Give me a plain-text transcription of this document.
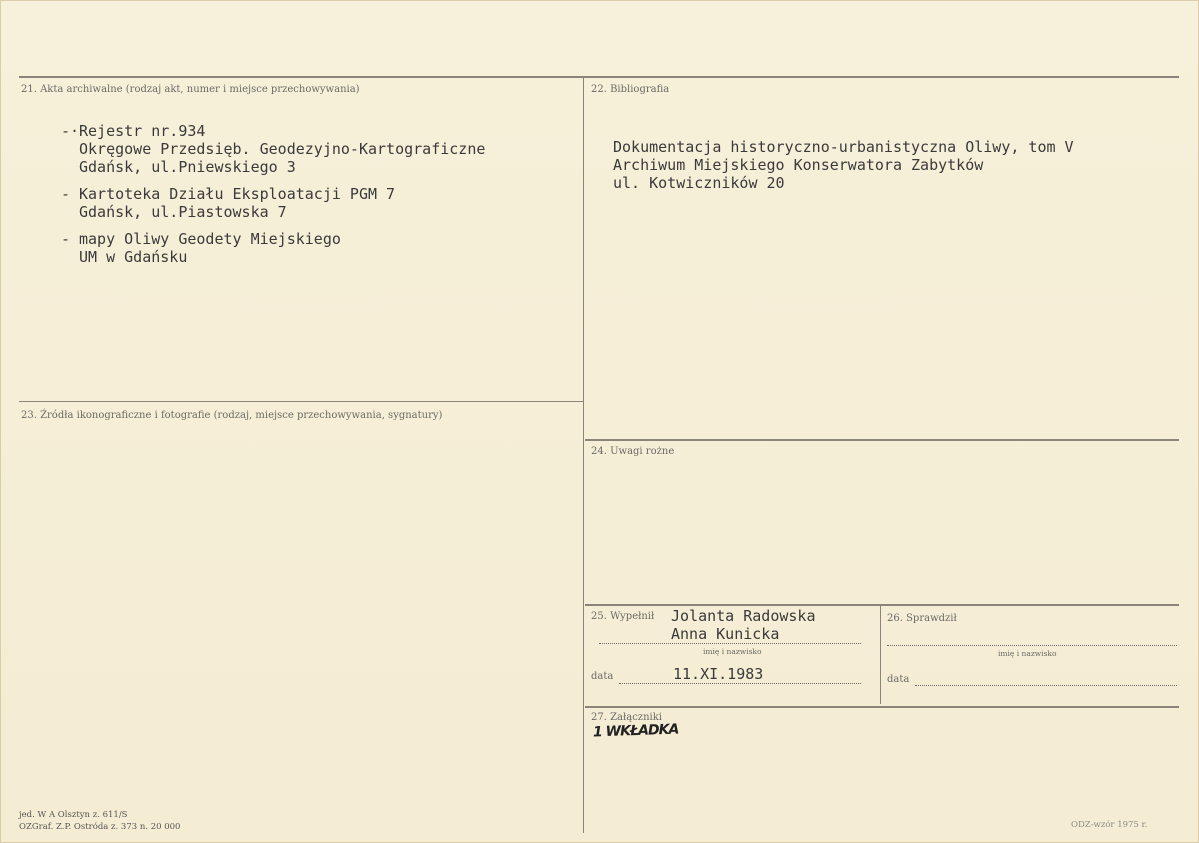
21. Akta archiwalne (rodzaj akt, numer i miejsce przechowywania)
-· Rejestr nr.934
Okręgowe Przedsięb. Geodezyjno-Kartograficzne
Gdańsk, ul.Pniewskiego 3
- Kartoteka Działu Eksploatacji PGM 7
Gdańsk, ul.Piastowska 7
- mapy Oliwy Geodety Miejskiego
UM w Gdańsku
22. Bibliografia
Dokumentacja historyczno-urbanistyczna Oliwy, tom V
Archiwum Miejskiego Konserwatora Zabytków
ul. Kotwiczników 20
23. Źródła ikonograficzne i fotografie (rodzaj, miejsce przechowywania, sygnatury)
24. Uwagi rożne
25. Wypełnił Jolanta Radowska
Anna Kunicka
imię i nazwisko
data	11.XI.1983
26. Sprawdził
imię i nazwisko
data
27. Załączniki
1 WKŁADKA
jed. W A Olsztyn z. 611/S
OZGraf. Z.P. Ostróda z. 373 n. 20 000	ODZ-wzór 1975 r.
